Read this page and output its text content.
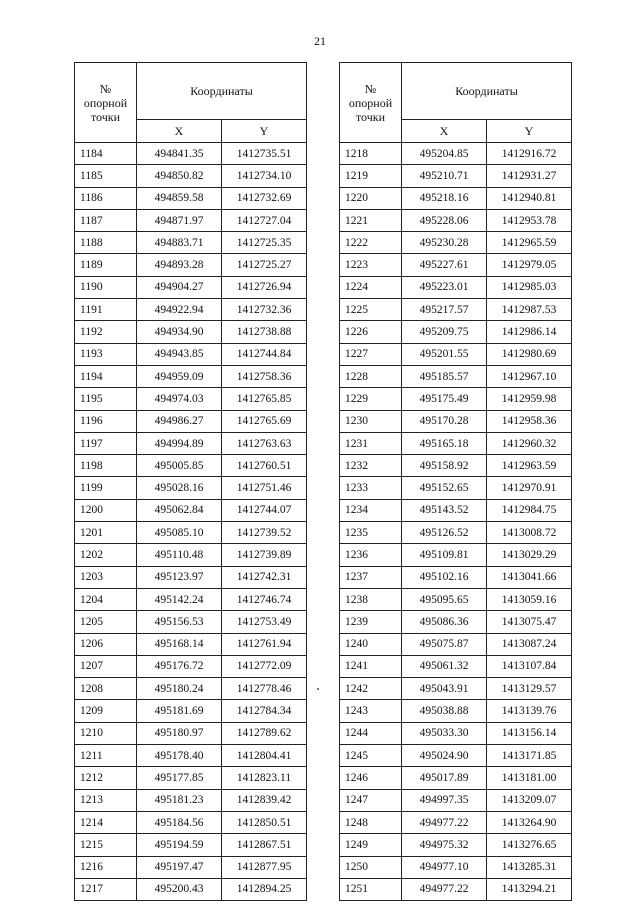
21
№
опорной
точки	Координаты	
	X	Y
1184	494841.35	1412735.51
1185	494850.82	1412734.10
1186	494859.58	1412732.69
1187	494871.97	1412727.04
1188	494883.71	1412725.35
1189	494893.28	1412725.27
1190	494904.27	1412726.94
1191	494922.94	1412732.36
1192	494934.90	1412738.88
1193	494943.85	1412744.84
1194	494959.09	1412758.36
1195	494974.03	1412765.85
1196	494986.27	1412765.69
1197	494994.89	1412763.63
1198	495005.85	1412760.51
1199	495028.16	1412751.46
1200	495062.84	1412744.07
1201	495085.10	1412739.52
1202	495110.48	1412739.89
1203	495123.97	1412742.31
1204	495142.24	1412746.74
1205	495156.53	1412753.49
1206	495168.14	1412761.94
1207	495176.72	1412772.09
1208	495180.24	1412778.46
1209	495181.69	1412784.34
1210	495180.97	1412789.62
1211	495178.40	1412804.41
1212	495177.85	1412823.11
1213	495181.23	1412839.42
1214	495184.56	1412850.51
1215	495194.59	1412867.51
1216	495197.47	1412877.95
1217	495200.43	1412894.25
№
опорной
точки	Координаты	
	X	Y
1218	495204.85	1412916.72
1219	495210.71	1412931.27
1220	495218.16	1412940.81
1221	495228.06	1412953.78
1222	495230.28	1412965.59
1223	495227.61	1412979.05
1224	495223.01	1412985.03
1225	495217.57	1412987.53
1226	495209.75	1412986.14
1227	495201.55	1412980.69
1228	495185.57	1412967.10
1229	495175.49	1412959.98
1230	495170.28	1412958.36
1231	495165.18	1412960.32
1232	495158.92	1412963.59
1233	495152.65	1412970.91
1234	495143.52	1412984.75
1235	495126.52	1413008.72
1236	495109.81	1413029.29
1237	495102.16	1413041.66
1238	495095.65	1413059.16
1239	495086.36	1413075.47
1240	495075.87	1413087.24
1241	495061.32	1413107.84
1242	495043.91	1413129.57
1243	495038.88	1413139.76
1244	495033.30	1413156.14
1245	495024.90	1413171.85
1246	495017.89	1413181.00
1247	494997.35	1413209.07
1248	494977.22	1413264.90
1249	494975.32	1413276.65
1250	494977.10	1413285.31
1251	494977.22	1413294.21
